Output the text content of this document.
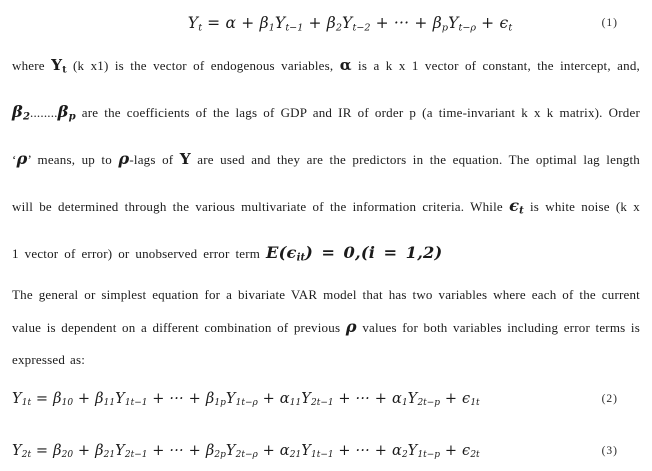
$Y_t = \alpha + \beta_1Y_{t-1} + \beta_2Y_{t-2}$ + ··· + $\beta_pY_{t-\rho} + \epsilon_t$	(1)

where $Y_t$ (k x1) is the vector of endogenous variables, α is a k x 1 vector of constant, the intercept, and, $\beta_2........\beta_p$ are the coefficients of the lags of GDP and IR of order p (a time-invariant k x k matrix). Order ‘ρ’ means, up to ρ-lags of Y are used and they are the predictors in the equation. The optimal lag length will be determined through the various multivariate of the information criteria. While $\epsilon_t$ is white noise (k x 1 vector of error) or unobserved error term $E(\epsilon_{it}) = 0,(i = 1,2)$

The general or simplest equation for a bivariate VAR model that has two variables where each of the current value is dependent on a different combination of previous ρ values for both variables including error terms is expressed as:

$Y_{1t} = \beta_{10} + \beta_{11}Y_{1t-1}$ + ··· + $\beta_{1p}Y_{1t-\rho} + \alpha_{11}Y_{2t-1}$ + ··· + $\alpha_1Y_{2t-p} + \epsilon_{1t}$	(2)
$Y_{2t} = \beta_{20} + \beta_{21}Y_{2t-1}$ + ··· + $\beta_{2p}Y_{2t-\rho} + \alpha_{21}Y_{1t-1}$ + ··· + $\alpha_2Y_{1t-p} + \epsilon_{2t}$	(3)
